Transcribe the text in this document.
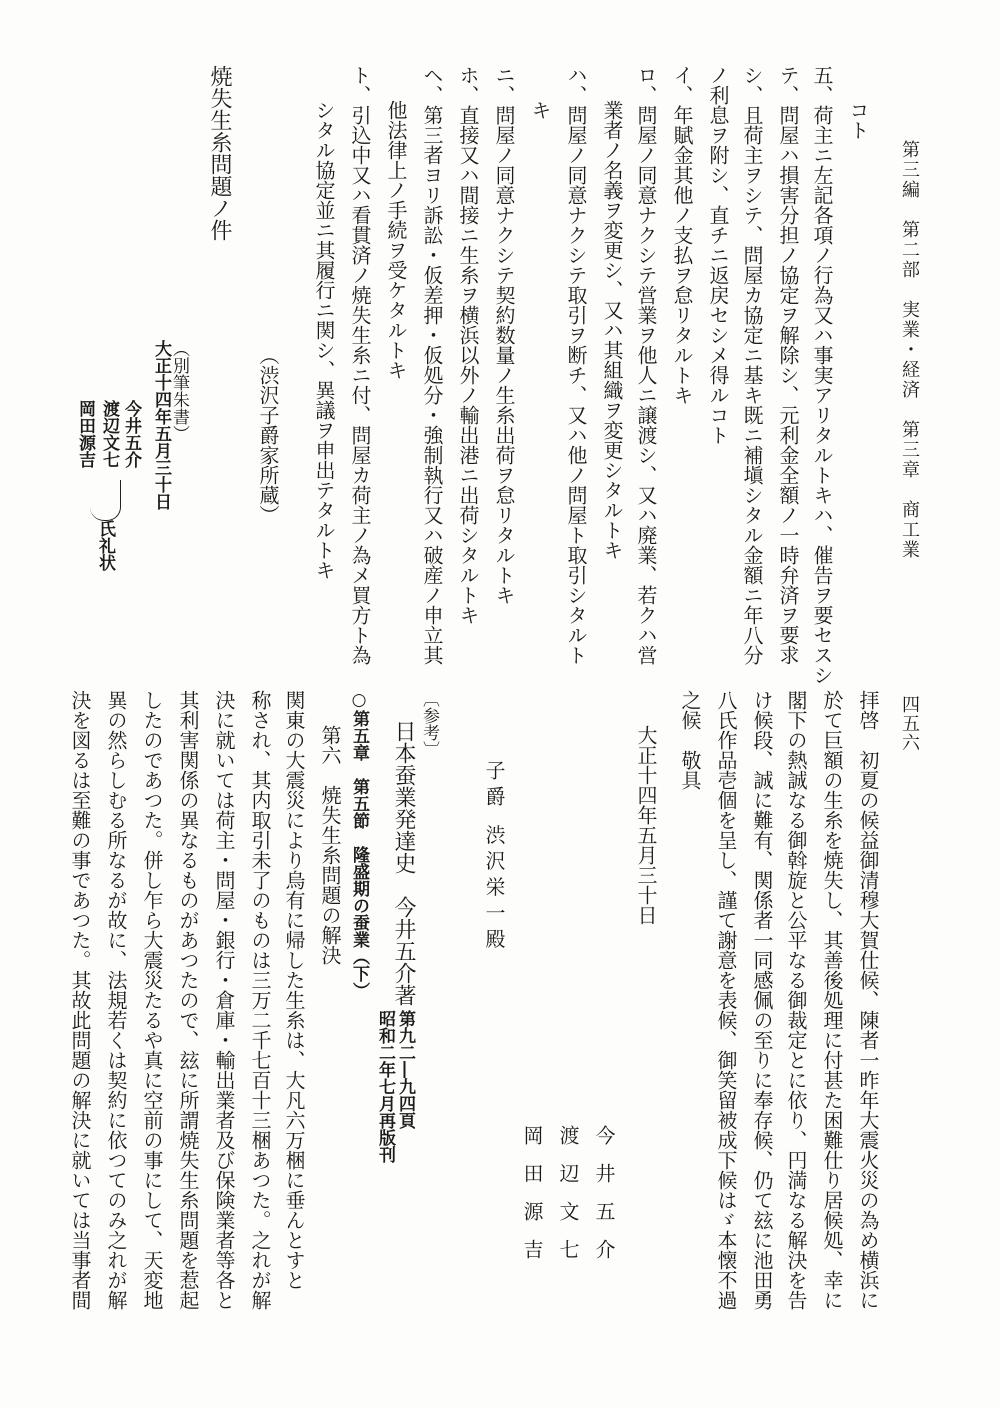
第三編　第二部　実業・経済　第三章　商工業
四五六
コト
五、荷主ニ左記各項ノ行為又ハ事実アリタルトキハ、催告ヲ要セスシ
テ、問屋ハ損害分担ノ協定ヲ解除シ、元利金全額ノ一時弁済ヲ要求
シ、且荷主ヲシテ、問屋カ協定ニ基キ既ニ補塡シタル金額ニ年八分
ノ利息ヲ附シ、直チニ返戻セシメ得ルコト
イ、年賦金其他ノ支払ヲ怠リタルトキ
ロ、問屋ノ同意ナクシテ営業ヲ他人ニ譲渡シ、又ハ廃業、若クハ営
業者ノ名義ヲ変更シ、又ハ其組織ヲ変更シタルトキ
ハ、問屋ノ同意ナクシテ取引ヲ断チ、又ハ他ノ問屋ト取引シタルト
キ
ニ、問屋ノ同意ナクシテ契約数量ノ生糸出荷ヲ怠リタルトキ
ホ、直接又ハ間接ニ生糸ヲ横浜以外ノ輸出港ニ出荷シタルトキ
ヘ、第三者ヨリ訴訟・仮差押・仮処分・強制執行又ハ破産ノ申立其
他法律上ノ手続ヲ受ケタルトキ
ト、引込中又ハ看貫済ノ焼失生糸ニ付、問屋カ荷主ノ為メ買方ト為
シタル協定並ニ其履行ニ関シ、異議ヲ申出テタルトキ
（渋沢子爵家所蔵）
焼失生糸問題ノ件
（別筆朱書）
大正十四年五月三十日
今井五介
渡辺文七
岡田源吉
氏礼状
拝啓　初夏の候益御清穆大賀仕候、陳者一昨年大震火災の為め横浜に
於て巨額の生糸を焼失し、其善後処理に付甚た困難仕り居候処、幸に
閣下の熱誠なる御斡旋と公平なる御裁定とに依り、円満なる解決を告
け候段、誠に難有、関係者一同感佩の至りに奉存候、仍て玆に池田勇
八氏作品壱個を呈し、謹て謝意を表候、御笑留被成下候はゞ本懐不過
之候　敬具
大正十四年五月三十日
今井五介
渡辺文七
岡田源吉
子爵 渋沢栄一殿
〔参考〕
日本蚕業発達史　今井五介著
第九二―九四頁
昭和二年七月再版刊
○第五章　第五節　隆盛期の蚕業（下）
第六　焼失生糸問題の解決
関東の大震災により烏有に帰した生糸は、大凡六万梱に垂んとすと
称され、其内取引未了のものは三万二千七百十三梱あつた。之れが解
決に就いては荷主・問屋・銀行・倉庫・輸出業者及び保険業者等各と
其利害関係の異なるものがあつたので、玆に所謂焼失生糸問題を惹起
したのであつた。併し乍ら大震災たるや真に空前の事にして、天変地
異の然らしむる所なるが故に、法規若くは契約に依つてのみ之れが解
決を図るは至難の事であつた。其故此問題の解決に就いては当事者間
